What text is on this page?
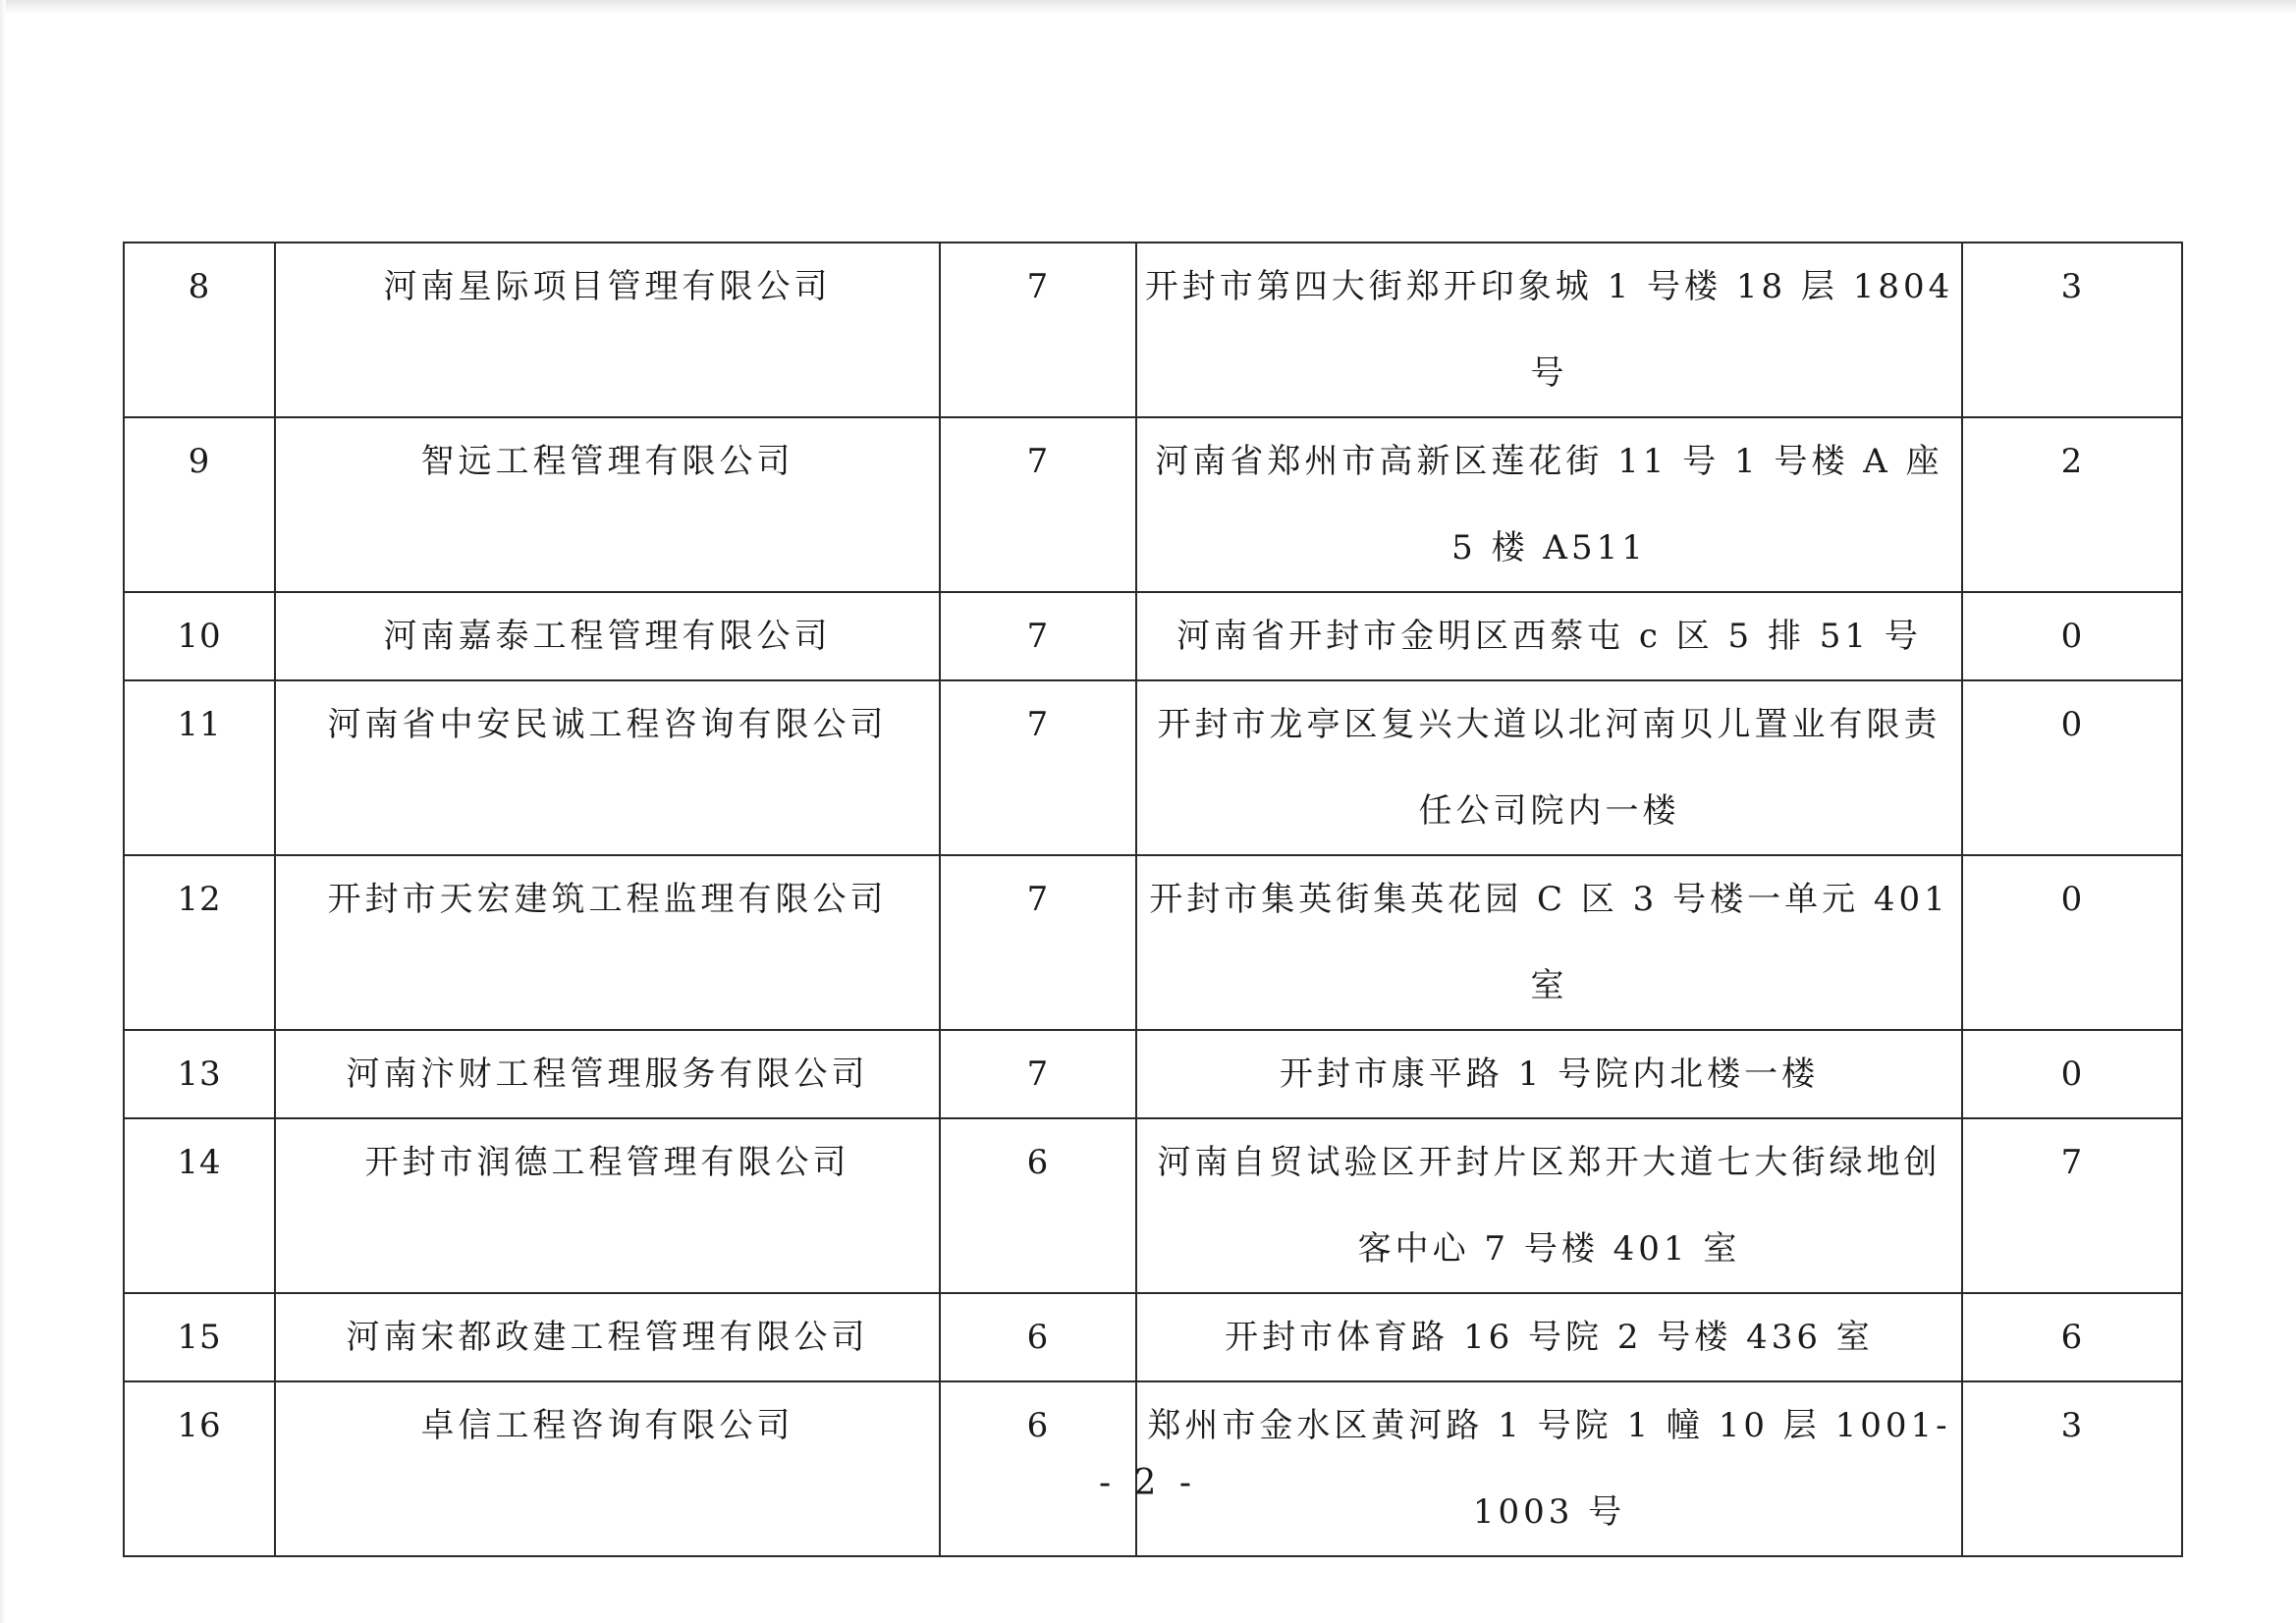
8	河南星际项目管理有限公司	7	开封市第四大街郑开印象城 1 号楼 18 层 1804 号	3
9	智远工程管理有限公司	7	河南省郑州市高新区莲花街 11 号 1 号楼 A 座 5 楼 A511	2
10	河南嘉泰工程管理有限公司	7	河南省开封市金明区西蔡屯 c 区 5 排 51 号	0
11	河南省中安民诚工程咨询有限公司	7	开封市龙亭区复兴大道以北河南贝儿置业有限责任公司院内一楼	0
12	开封市天宏建筑工程监理有限公司	7	开封市集英街集英花园 C 区 3 号楼一单元 401 室	0
13	河南汴财工程管理服务有限公司	7	开封市康平路 1 号院内北楼一楼	0
14	开封市润德工程管理有限公司	6	河南自贸试验区开封片区郑开大道七大街绿地创客中心 7 号楼 401 室	7
15	河南宋都政建工程管理有限公司	6	开封市体育路 16 号院 2 号楼 436 室	6
16	卓信工程咨询有限公司	6	郑州市金水区黄河路 1 号院 1 幢 10 层 1001-1003 号	3
- 2 -
